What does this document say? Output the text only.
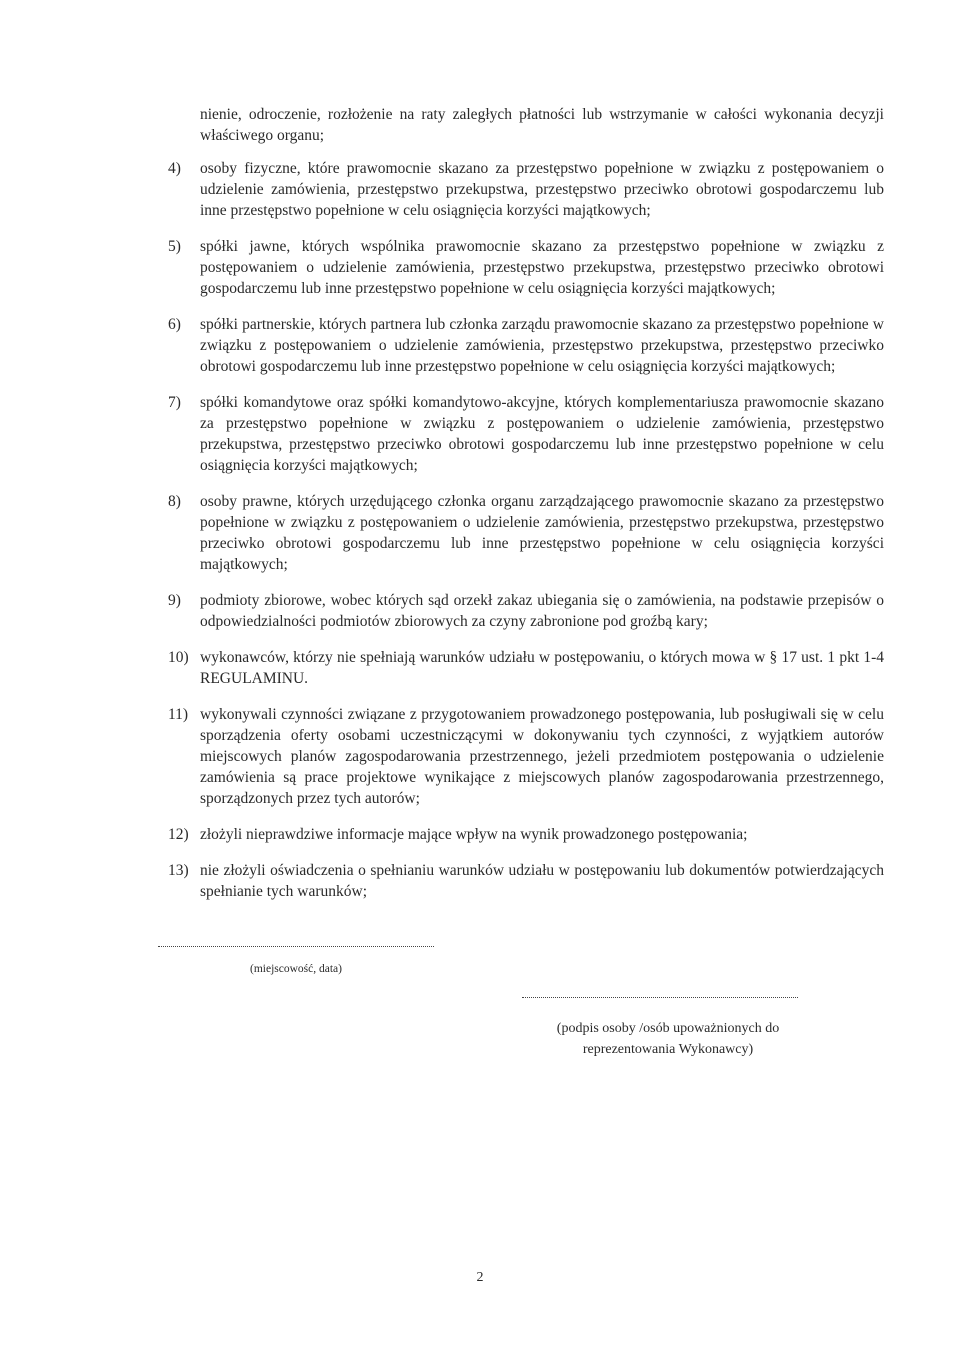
nienie, odroczenie, rozłożenie na raty zaległych płatności lub wstrzymanie w całości wykonania decyzji właściwego organu;

4)	osoby fizyczne, które prawomocnie skazano za przestępstwo popełnione w związku z postępowaniem o udzielenie zamówienia, przestępstwo przekupstwa, przestępstwo przeciwko obrotowi gospodarczemu lub inne przestępstwo popełnione w celu osiągnięcia korzyści majątkowych;
5)	spółki jawne, których wspólnika prawomocnie skazano za przestępstwo popełnione w związku z postępowaniem o udzielenie zamówienia, przestępstwo przekupstwa, przestępstwo przeciwko obrotowi gospodarczemu lub inne przestępstwo popełnione w celu osiągnięcia korzyści majątkowych;
6)	spółki partnerskie, których partnera lub członka zarządu prawomocnie skazano za przestępstwo popełnione w związku z postępowaniem o udzielenie zamówienia, przestępstwo przekupstwa, przestępstwo przeciwko obrotowi gospodarczemu lub inne przestępstwo popełnione w celu osiągnięcia korzyści majątkowych;
7)	spółki komandytowe oraz spółki komandytowo-akcyjne, których komplementariusza prawomocnie skazano za przestępstwo popełnione w związku z postępowaniem o udzielenie zamówienia, przestępstwo przekupstwa, przestępstwo przeciwko obrotowi gospodarczemu lub inne przestępstwo popełnione w celu osiągnięcia korzyści majątkowych;
8)	osoby prawne, których urzędującego członka organu zarządzającego prawomocnie skazano za przestępstwo popełnione w związku z postępowaniem o udzielenie zamówienia, przestępstwo przekupstwa, przestępstwo przeciwko obrotowi gospodarczemu lub inne przestępstwo popełnione w celu osiągnięcia korzyści majątkowych;
9)	podmioty zbiorowe, wobec których sąd orzekł zakaz ubiegania się o zamówienia, na podstawie przepisów o odpowiedzialności podmiotów zbiorowych za czyny zabronione pod groźbą kary;
10) wykonawców, którzy nie spełniają warunków udziału w postępowaniu, o których mowa w § 17 ust. 1 pkt 1-4 REGULAMINU.
11) wykonywali czynności związane z przygotowaniem prowadzonego postępowania, lub posługiwali się w celu sporządzenia oferty osobami uczestniczącymi w dokonywaniu tych czynności, z wyjątkiem autorów miejscowych planów zagospodarowania przestrzennego, jeżeli przedmiotem postępowania o udzielenie zamówienia są prace projektowe wynikające z miejscowych planów zagospodarowania przestrzennego, sporządzonych przez tych autorów;
12) złożyli nieprawdziwe informacje mające wpływ na wynik prowadzonego postępowania;
13) nie złożyli oświadczenia o spełnianiu warunków udziału w postępowaniu lub dokumentów potwierdzających spełnianie tych warunków;
(miejscowość, data)
(podpis osoby /osób upoważnionych do reprezentowania Wykonawcy)
2
